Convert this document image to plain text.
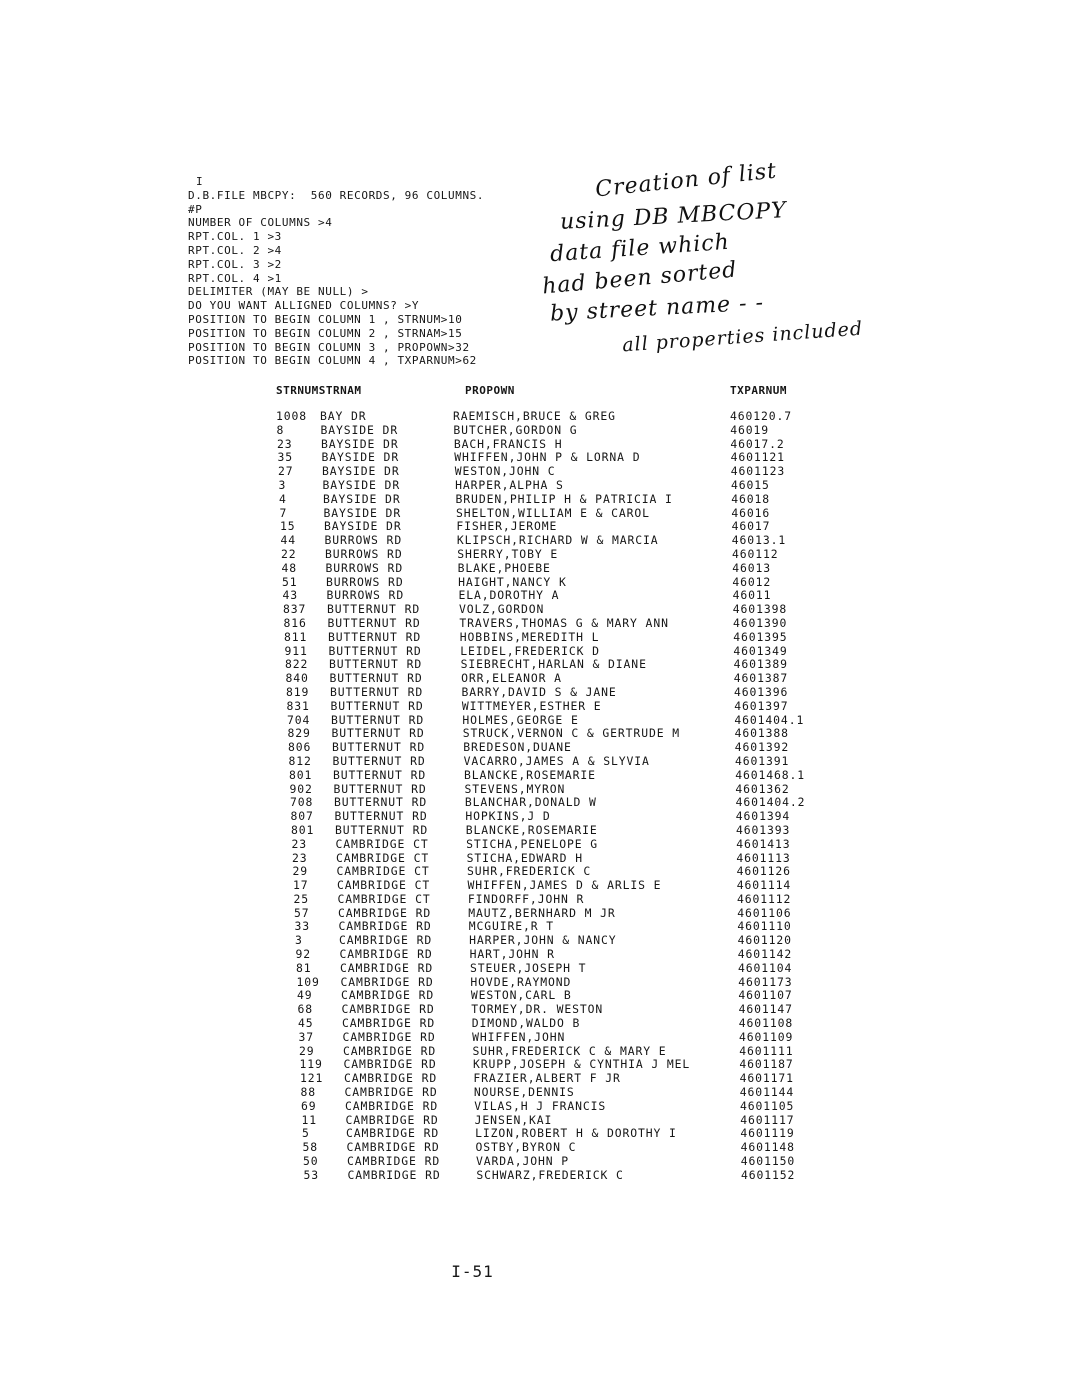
I
D.B.FILE MBCPY:  560 RECORDS, 96 COLUMNS.
#P
NUMBER OF COLUMNS >4
RPT.COL. 1 >3
RPT.COL. 2 >4
RPT.COL. 3 >2
RPT.COL. 4 >1
DELIMITER (MAY BE NULL) >
DO YOU WANT ALLIGNED COLUMNS? >Y
POSITION TO BEGIN COLUMN 1 , STRNUM>10
POSITION TO BEGIN COLUMN 2 , STRNAM>15
POSITION TO BEGIN COLUMN 3 , PROPOWN>32
POSITION TO BEGIN COLUMN 4 , TXPARNUM>62
Creation of list
using DB MBCOPY
data file which
had been sorted
by street name - -
all properties included
STRNUMSTRNAM	PROPOWN	TXPARNUM
1008 BAY DR	RAEMISCH,BRUCE & GREG	460120.7
8	BAYSIDE DR	BUTCHER,GORDON G	46019
23 BAYSIDE DR	BACH,FRANCIS H	46017.2
35 BAYSIDE DR	WHIFFEN,JOHN P & LORNA D	4601121
27 BAYSIDE DR	WESTON,JOHN C	4601123
3	BAYSIDE DR	HARPER,ALPHA S	46015
4	BAYSIDE DR	BRUDEN,PHILIP H & PATRICIA I	46018
7	BAYSIDE DR	SHELTON,WILLIAM E & CAROL	46016
15 BAYSIDE DR	FISHER,JEROME	46017
44 BURROWS RD	KLIPSCH,RICHARD W & MARCIA	46013.1
22 BURROWS RD	SHERRY,TOBY E	460112
48 BURROWS RD	BLAKE,PHOEBE	46013
51 BURROWS RD	HAIGHT,NANCY K	46012
43 BURROWS RD	ELA,DOROTHY A	46011
837 BUTTERNUT RD	VOLZ,GORDON	4601398
816 BUTTERNUT RD	TRAVERS,THOMAS G & MARY ANN	4601390
811 BUTTERNUT RD	HOBBINS,MEREDITH L	4601395
911 BUTTERNUT RD	LEIDEL,FREDERICK D	4601349
822 BUTTERNUT RD	SIEBRECHT,HARLAN & DIANE	4601389
840 BUTTERNUT RD	ORR,ELEANOR A	4601387
819 BUTTERNUT RD	BARRY,DAVID S & JANE	4601396
831 BUTTERNUT RD	WITTMEYER,ESTHER E	4601397
704 BUTTERNUT RD	HOLMES,GEORGE E	4601404.1
829 BUTTERNUT RD	STRUCK,VERNON C & GERTRUDE M	4601388
806 BUTTERNUT RD	BREDESON,DUANE	4601392
812 BUTTERNUT RD	VACARRO,JAMES A & SLYVIA	4601391
801 BUTTERNUT RD	BLANCKE,ROSEMARIE	4601468.1
902 BUTTERNUT RD	STEVENS,MYRON	4601362
708 BUTTERNUT RD	BLANCHAR,DONALD W	4601404.2
807 BUTTERNUT RD	HOPKINS,J D	4601394
801 BUTTERNUT RD	BLANCKE,ROSEMARIE	4601393
23 CAMBRIDGE CT	STICHA,PENELOPE G	4601413
23 CAMBRIDGE CT	STICHA,EDWARD H	4601113
29 CAMBRIDGE CT	SUHR,FREDERICK C	4601126
17 CAMBRIDGE CT	WHIFFEN,JAMES D & ARLIS E	4601114
25 CAMBRIDGE CT	FINDORFF,JOHN R	4601112
57 CAMBRIDGE RD	MAUTZ,BERNHARD M JR	4601106
33 CAMBRIDGE RD	MCGUIRE,R T	4601110
3	CAMBRIDGE RD	HARPER,JOHN & NANCY	4601120
92 CAMBRIDGE RD	HART,JOHN R	4601142
81 CAMBRIDGE RD	STEUER,JOSEPH T	4601104
109 CAMBRIDGE RD	HOVDE,RAYMOND	4601173
49 CAMBRIDGE RD	WESTON,CARL B	4601107
68 CAMBRIDGE RD	TORMEY,DR. WESTON	4601147
45 CAMBRIDGE RD	DIMOND,WALDO B	4601108
37 CAMBRIDGE RD	WHIFFEN,JOHN	4601109
29 CAMBRIDGE RD	SUHR,FREDERICK C & MARY E	4601111
119 CAMBRIDGE RD	KRUPP,JOSEPH & CYNTHIA J MEL	4601187
121 CAMBRIDGE RD	FRAZIER,ALBERT F JR	4601171
88 CAMBRIDGE RD	NOURSE,DENNIS	4601144
69 CAMBRIDGE RD	VILAS,H J FRANCIS	4601105
11 CAMBRIDGE RD	JENSEN,KAI	4601117
5	CAMBRIDGE RD	LIZON,ROBERT H & DOROTHY I	4601119
58 CAMBRIDGE RD	OSTBY,BYRON C	4601148
50 CAMBRIDGE RD	VARDA,JOHN P	4601150
53 CAMBRIDGE RD	SCHWARZ,FREDERICK C	4601152
I-51
